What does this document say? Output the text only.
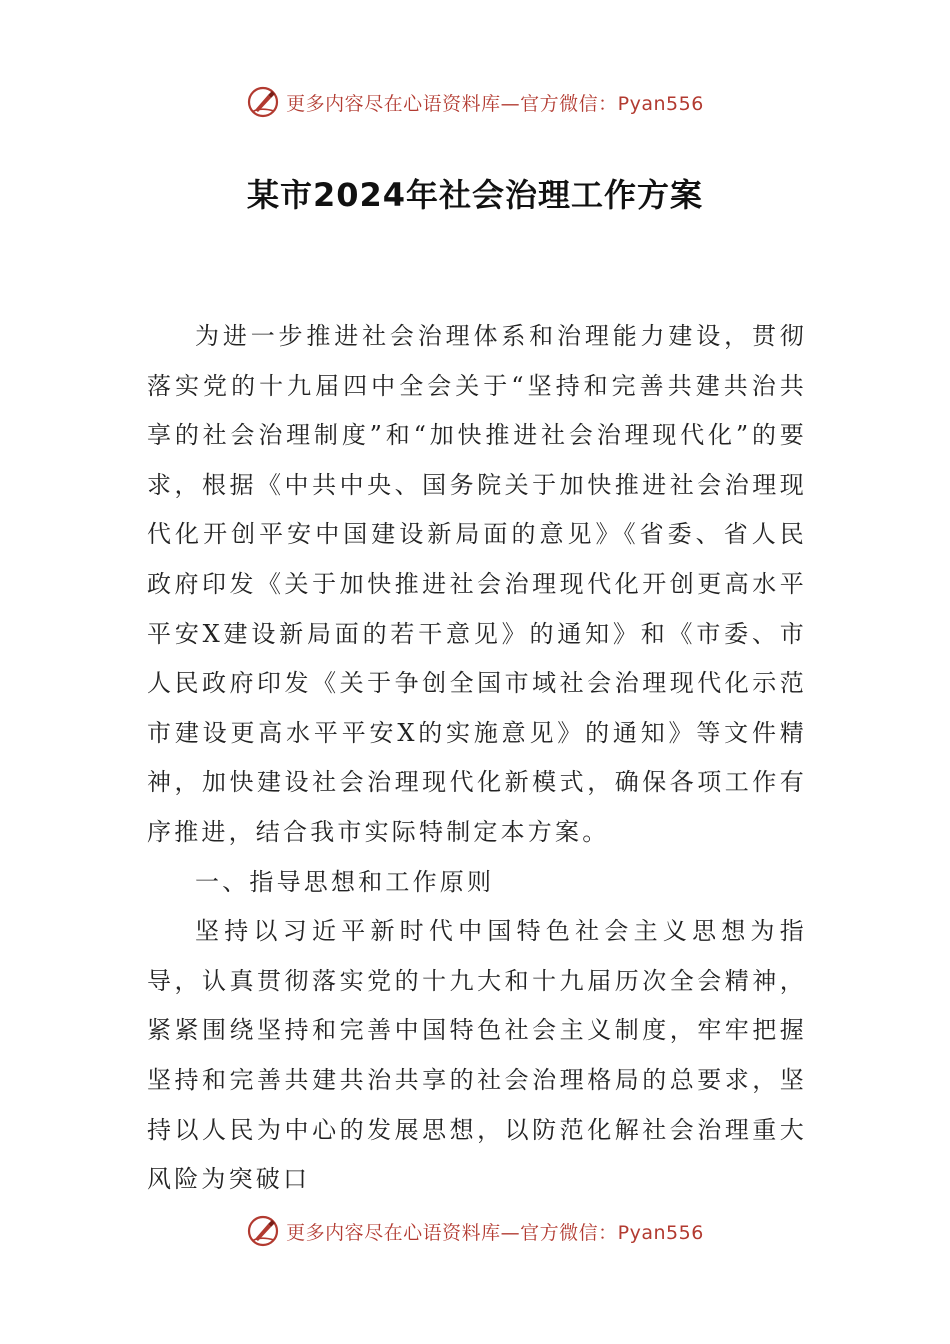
更多内容尽在心语资料库—官方微信：Pyan556
某市2024年社会治理工作方案

为进一步推进社会治理体系和治理能力建设，贯彻落实党的十九届四中全会关于“坚持和完善共建共治共享的社会治理制度”和“加快推进社会治理现代化”的要求，根据《中共中央、国务院关于加快推进社会治理现代化开创平安中国建设新局面的意见》《省委、省人民政府印发《关于加快推进社会治理现代化开创更高水平平安X建设新局面的若干意见》的通知》和《市委、市人民政府印发《关于争创全国市域社会治理现代化示范市建设更高水平平安X的实施意见》的通知》等文件精神，加快建设社会治理现代化新模式，确保各项工作有序推进，结合我市实际特制定本方案。

一、指导思想和工作原则

坚持以习近平新时代中国特色社会主义思想为指导，认真贯彻落实党的十九大和十九届历次全会精神，紧紧围绕坚持和完善中国特色社会主义制度，牢牢把握坚持和完善共建共治共享的社会治理格局的总要求，坚持以人民为中心的发展思想，以防范化解社会治理重大风险为突破口

更多内容尽在心语资料库—官方微信：Pyan556
